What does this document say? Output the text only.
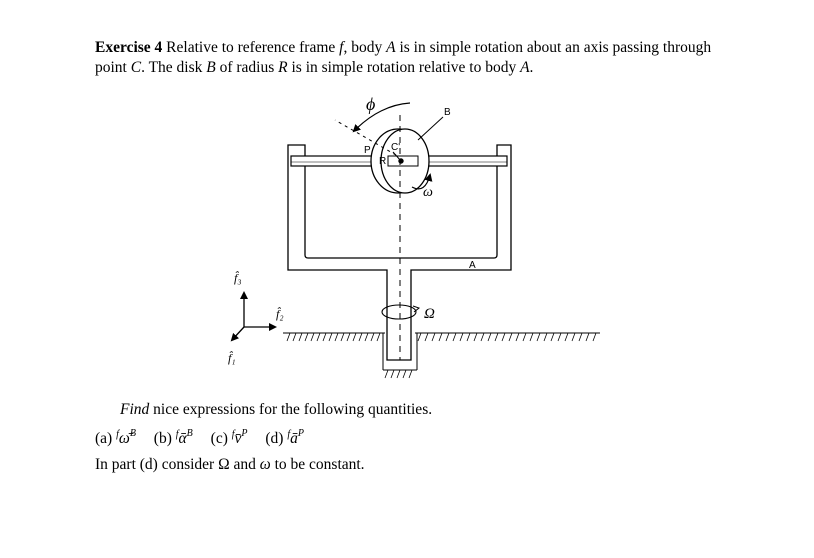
Exercise 4 Relative to reference frame f, body A is in simple rotation about an axis passing through point C. The disk B of radius R is in simple rotation relative to body A.
ϕ	B
P C'
R
ω
A
Ω
f̂₃
f̂₂
f̂₁
Find nice expressions for the following quantities.
(a) $^f$ω̄$^B$ (b) $^f$ᾱ$^B$ (c) $^f$v̄$^P$ (d) $^fā^P$
In part (d) consider Ω and ω to be constant.
